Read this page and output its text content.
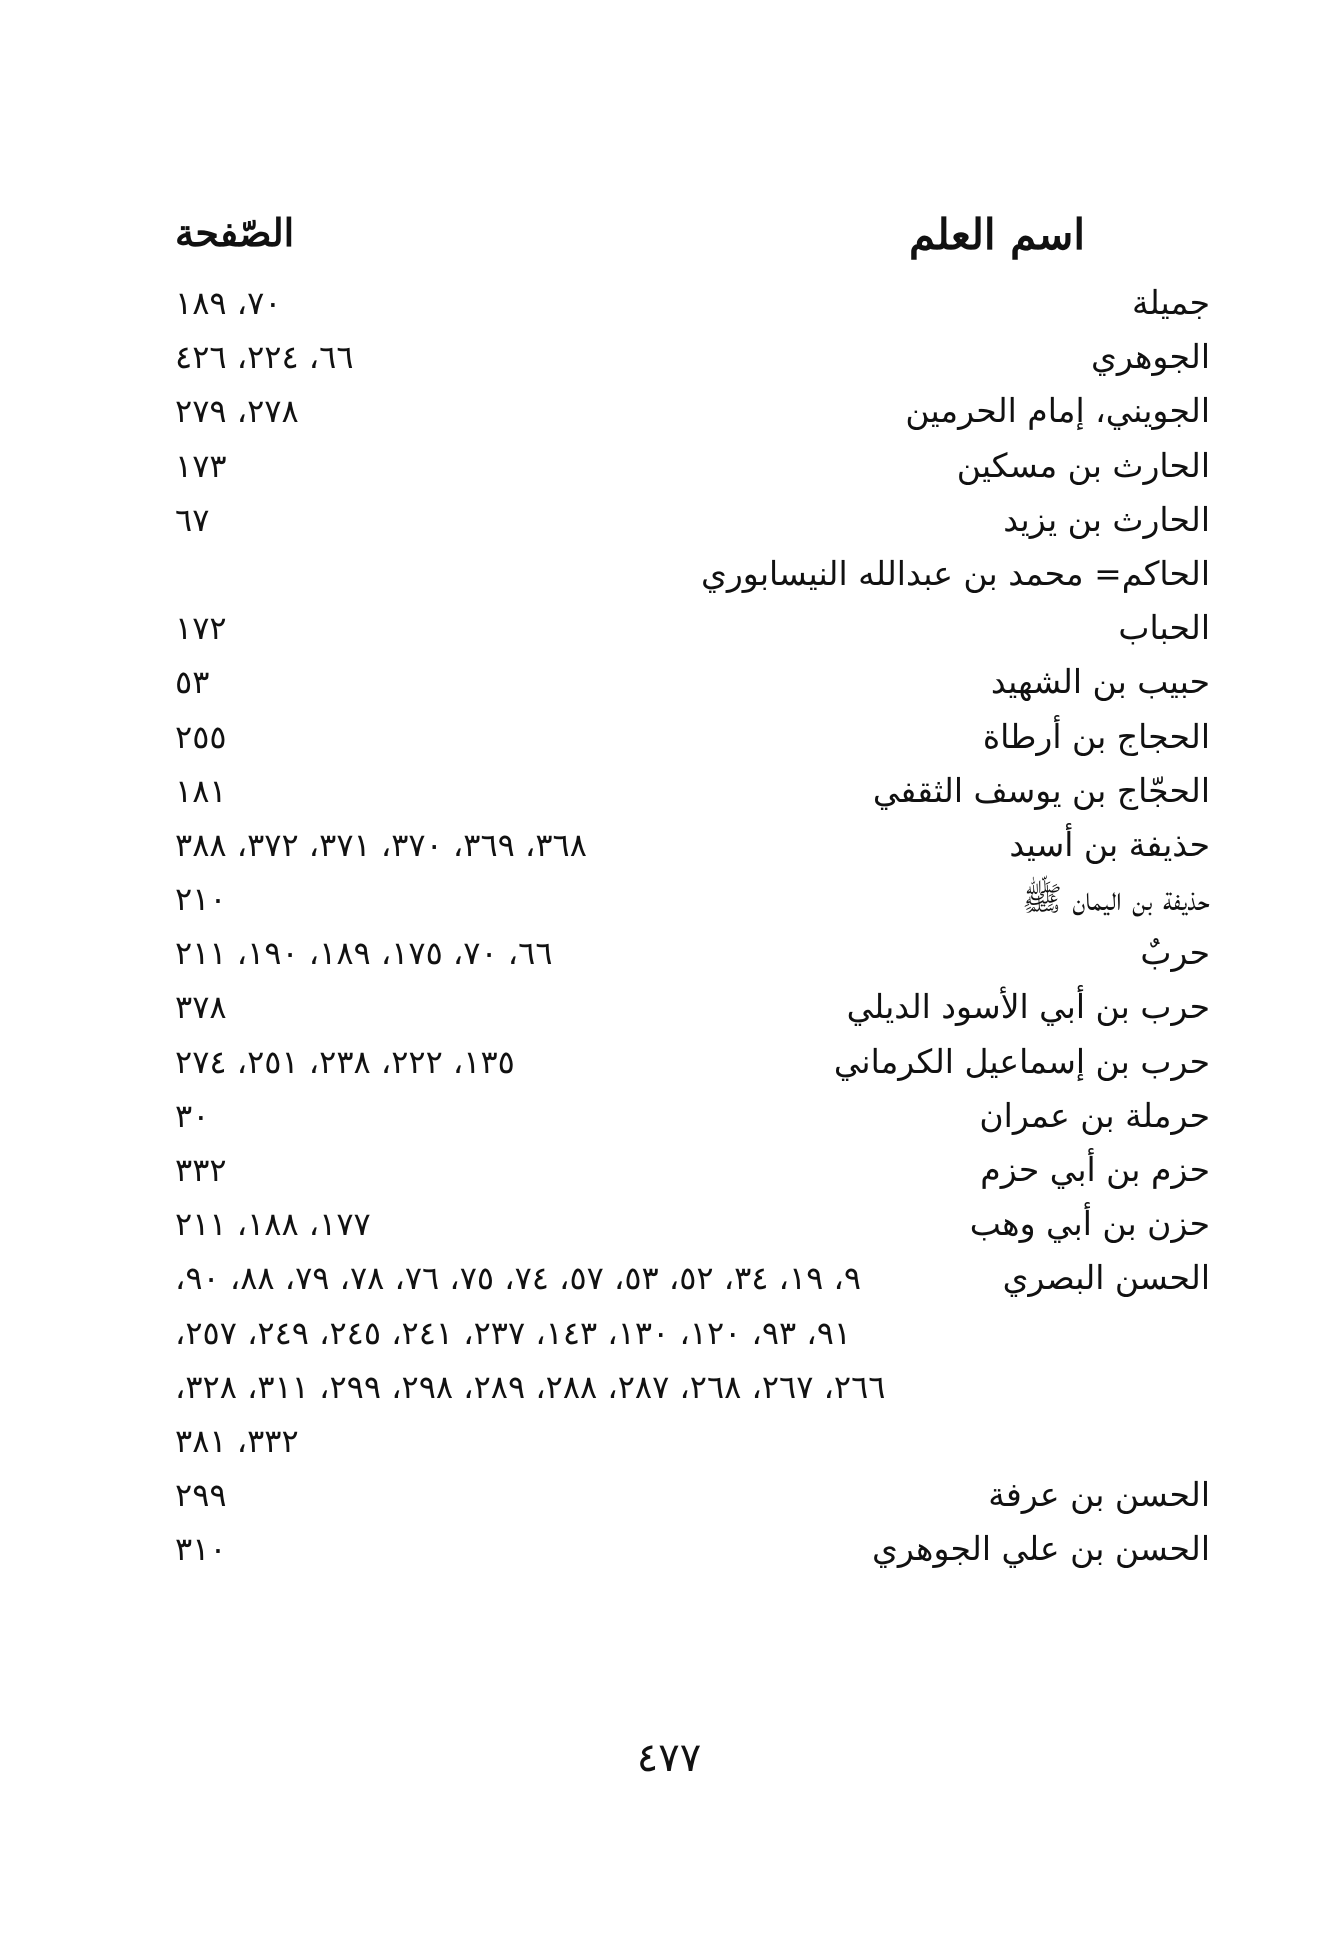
اسم العلم
الصّفحة
جميلة
٧٠، ١٨٩
الجوهري
٦٦، ٢٢٤، ٤٢٦
الجويني، إمام الحرمين
٢٧٨، ٢٧٩
الحارث بن مسكين
١٧٣
الحارث بن يزيد
٦٧
الحاكم= محمد بن عبدالله النيسابوري
الحباب
١٧٢
حبيب بن الشهيد
٥٣
الحجاج بن أرطاة
٢٥٥
الحجّاج بن يوسف الثقفي
١٨١
حذيفة بن أسيد
٣٦٨، ٣٦٩، ٣٧٠، ٣٧١، ٣٧٢، ٣٨٨
حذيفة بن اليمان ﷺ
٢١٠
حربٌ
٦٦، ٧٠، ١٧٥، ١٨٩، ١٩٠، ٢١١
حرب بن أبي الأسود الديلي
٣٧٨
حرب بن إسماعيل الكرماني
١٣٥، ٢٢٢، ٢٣٨، ٢٥١، ٢٧٤
حرملة بن عمران
٣٠
حزم بن أبي حزم
٣٣٢
حزن بن أبي وهب
١٧٧، ١٨٨، ٢١١
الحسن البصري
٩، ١٩، ٣٤، ٥٢، ٥٣، ٥٧، ٧٤، ٧٥، ٧٦، ٧٨، ٧٩، ٨٨، ٩٠،
٩١، ٩٣، ١٢٠، ١٣٠، ١٤٣، ٢٣٧، ٢٤١، ٢٤٥، ٢٤٩، ٢٥٧،
٢٦٦، ٢٦٧، ٢٦٨، ٢٨٧، ٢٨٨، ٢٨٩، ٢٩٨، ٢٩٩، ٣١١، ٣٢٨،
٣٣٢، ٣٨١
الحسن بن عرفة
٢٩٩
الحسن بن علي الجوهري
٣١٠
٤٧٧
